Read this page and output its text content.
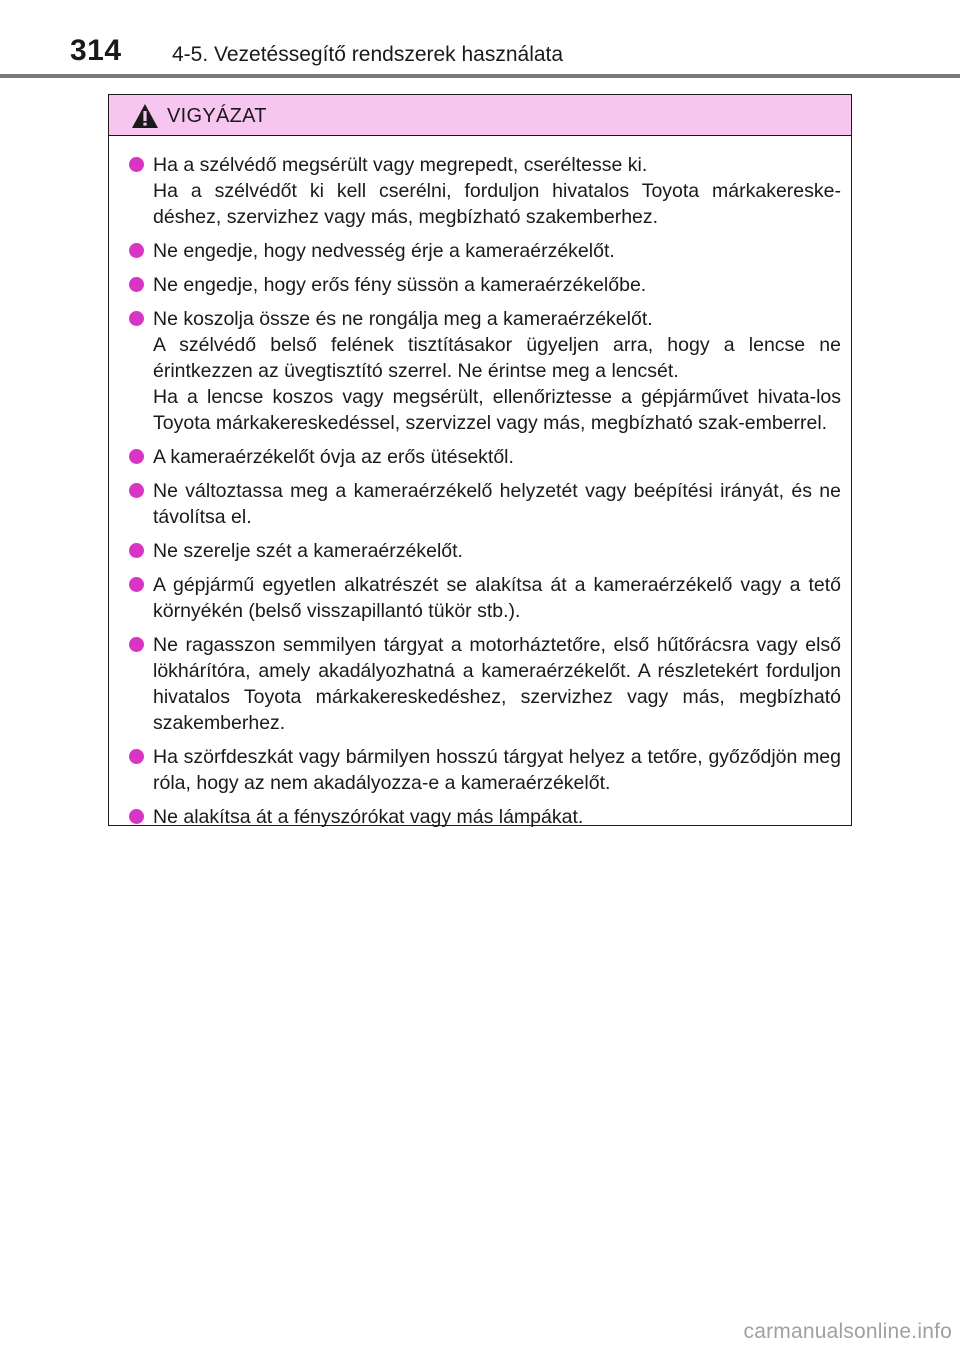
314 4-5. Vezetéssegítő rendszerek használata
VIGYÁZAT

Ha a szélvédő megsérült vagy megrepedt, cseréltesse ki.

Ha a szélvédőt ki kell cserélni, forduljon hivatalos Toyota márkakereske-déshez, szervizhez vagy más, megbízható szakemberhez.

Ne engedje, hogy nedvesség érje a kameraérzékelőt.

Ne engedje, hogy erős fény süssön a kameraérzékelőbe.

Ne koszolja össze és ne rongálja meg a kameraérzékelőt.

A szélvédő belső felének tisztításakor ügyeljen arra, hogy a lencse ne érintkezzen az üvegtisztító szerrel. Ne érintse meg a lencsét.

Ha a lencse koszos vagy megsérült, ellenőriztesse a gépjárművet hivata-los Toyota márkakereskedéssel, szervizzel vagy más, megbízható szak-emberrel.

A kameraérzékelőt óvja az erős ütésektől.

Ne változtassa meg a kameraérzékelő helyzetét vagy beépítési irányát, és ne távolítsa el.

Ne szerelje szét a kameraérzékelőt.

A gépjármű egyetlen alkatrészét se alakítsa át a kameraérzékelő vagy a tető környékén (belső visszapillantó tükör stb.).

Ne ragasszon semmilyen tárgyat a motorháztetőre, első hűtőrácsra vagy első lökhárítóra, amely akadályozhatná a kameraérzékelőt. A részletekért forduljon hivatalos Toyota márkakereskedéshez, szervizhez vagy más, megbízható szakemberhez.

Ha szörfdeszkát vagy bármilyen hosszú tárgyat helyez a tetőre, győződjön meg róla, hogy az nem akadályozza-e a kameraérzékelőt.

Ne alakítsa át a fényszórókat vagy más lámpákat.

carmanualsonline.info
